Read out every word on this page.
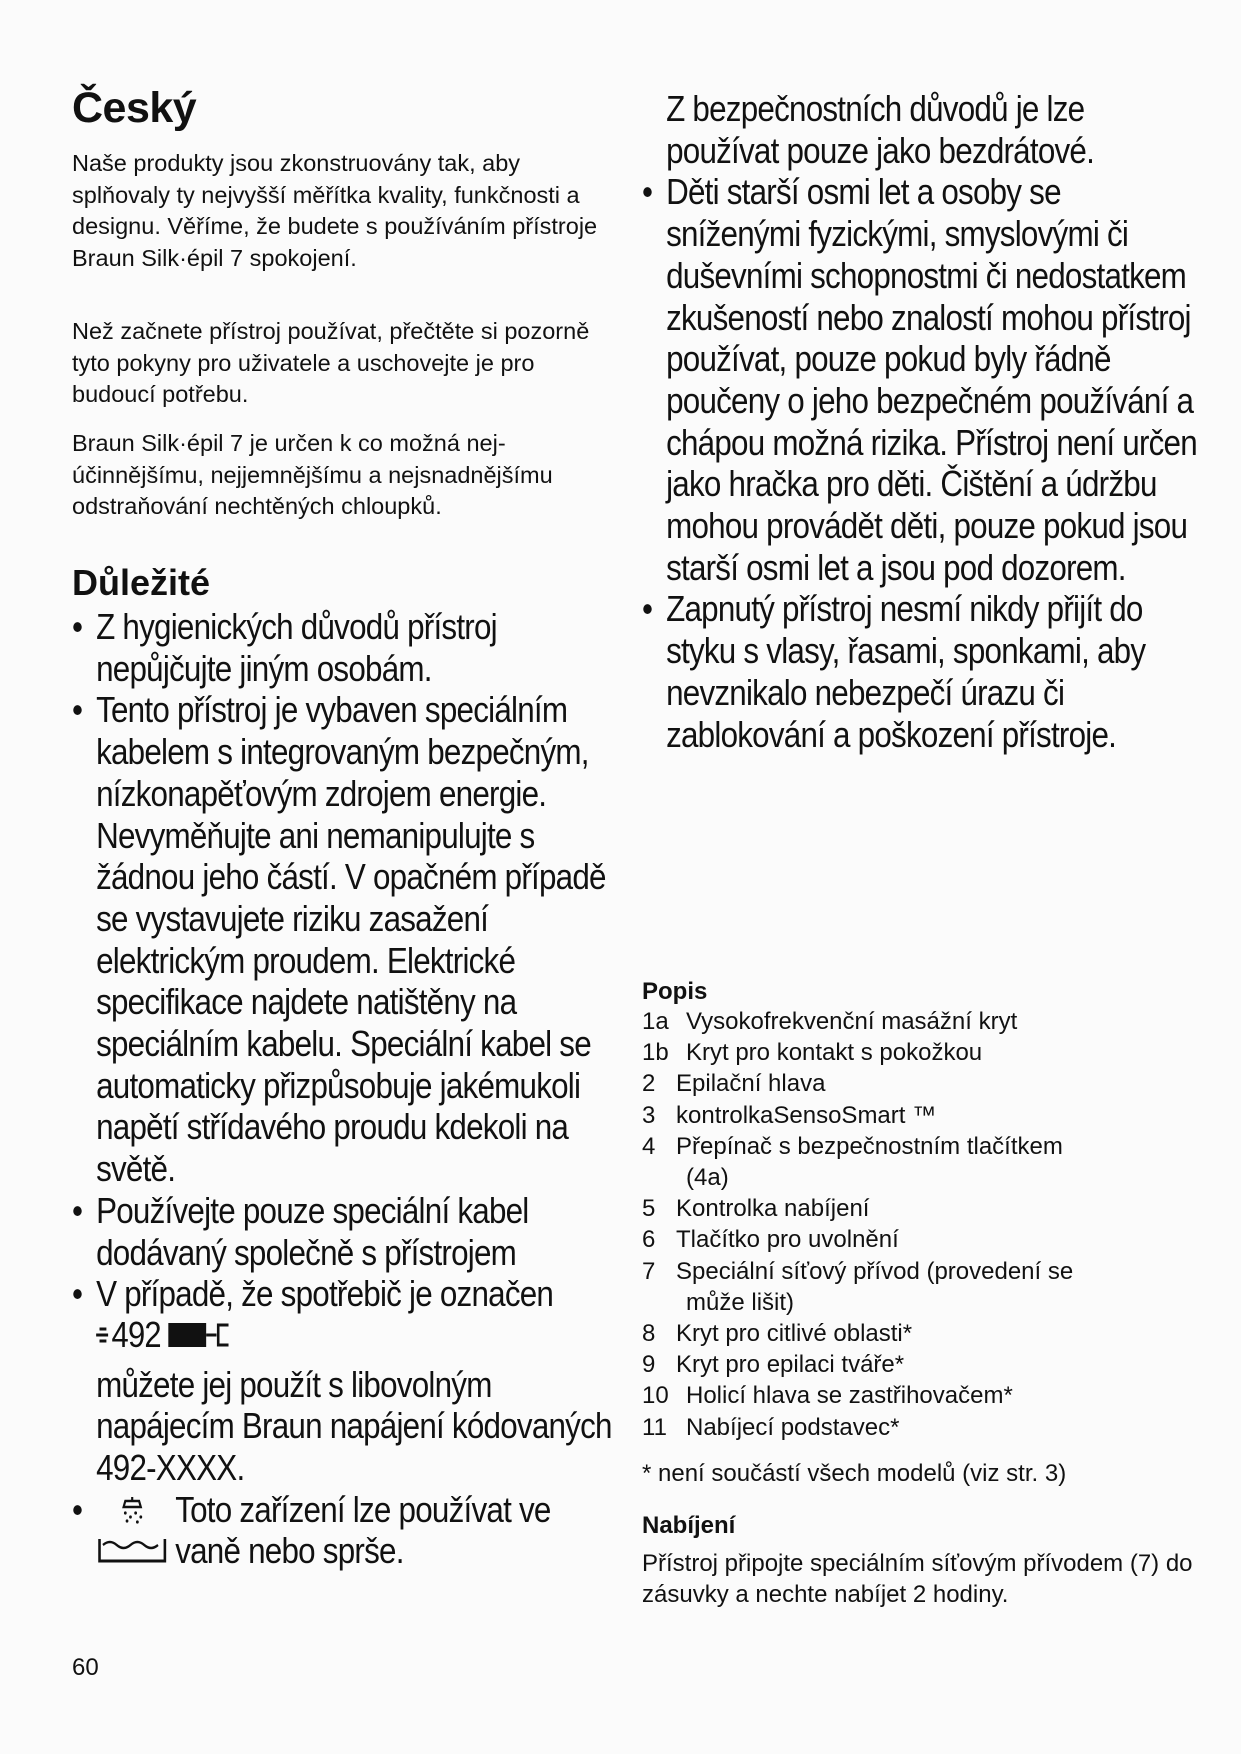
Český

Naše produkty jsou zkonstruovány tak, aby splňovaly ty nejvyšší měřítka kvality, funkčnosti a designu. Věříme, že budete s používáním přístroje Braun Silk·épil 7 spokojení.

Než začnete přístroj používat, přečtěte si pozorně tyto pokyny pro uživatele a uschovejte je pro budoucí potřebu.

Braun Silk·épil 7 je určen k co možná nejúčinnějšímu, nejjemnějšímu a nejsnadnějšímu odstraňování nechtěných chloupků.

Důležité
• Z hygienických důvodů přístroj nepůjčujte jiným osobám.
• Tento přístroj je vybaven speciálním kabelem s integrovaným bezpečným, nízkonapěťovým zdrojem energie. Nevyměňujte ani nemanipulujte s žádnou jeho částí. V opačném případě se vystavujete riziku zasažení elektrickým proudem. Elektrické specifikace najdete natištěny na speciálním kabelu. Speciální kabel se automaticky přizpůsobuje jakémukoli napětí střídavého proudu kdekoli na světě.
• Používejte pouze speciální kabel dodávaný společně s přístrojem
• V případě, že spotřebič je označen
492

můžete jej použít s libovolným napájecím Braun napájení kódovaných 492-XXXX.
•	Toto zařízení lze používat ve vaně nebo sprše.

60

Z bezpečnostních důvodů je lze používat pouze jako bezdrátové.
• Děti starší osmi let a osoby se sníženými fyzickými, smyslovými či duševními schopnostmi či nedostatkem zkušeností nebo znalostí mohou přístroj používat, pouze pokud byly řádně poučeny o jeho bezpečném používání a chápou možná rizika. Přístroj není určen jako hračka pro děti. Čištění a údržbu mohou provádět děti, pouze pokud jsou starší osmi let a jsou pod dozorem.
• Zapnutý přístroj nesmí nikdy přijít do styku s vlasy, řasami, sponkami, aby nevznikalo nebezpečí úrazu či zablokování a poškození přístroje.
Popis
1a Vysokofrekvenční masážní kryt
1b Kryt pro kontakt s pokožkou
2 Epilační hlava
3 kontrolkaSensoSmart ™
4 Přepínač s bezpečnostním tlačítkem
(4a)
5 Kontrolka nabíjení
6 Tlačítko pro uvolnění
7 Speciální síťový přívod (provedení se
může lišit)
8 Kryt pro citlivé oblasti*
9 Kryt pro epilaci tváře*
10 Holicí hlava se zastřihovačem*
11 Nabíjecí podstavec*

* není součástí všech modelů (viz str. 3)

Nabíjení

Přístroj připojte speciálním síťovým přívodem (7) do zásuvky a nechte nabíjet 2 hodiny.
